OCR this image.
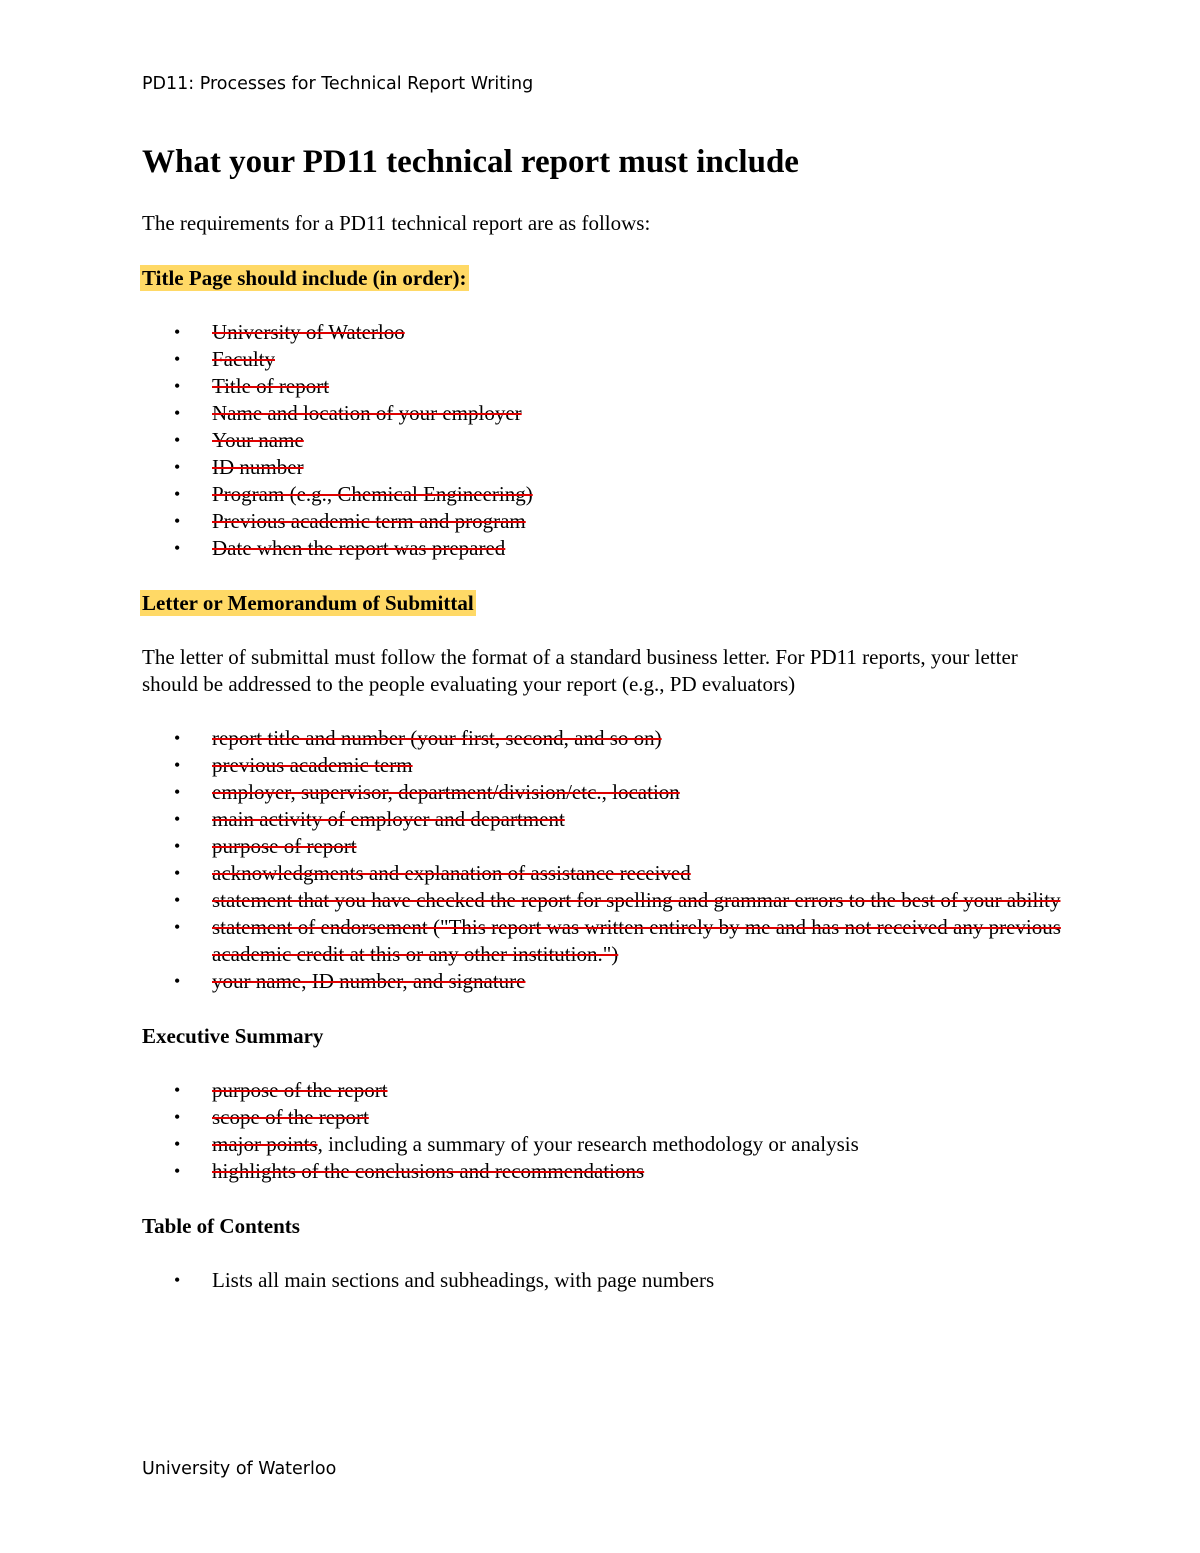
PD11: Processes for Technical Report Writing
What your PD11 technical report must include

The requirements for a PD11 technical report are as follows:

Title Page should include (in order):
• University of Waterloo
• Faculty
• Title of report
• Name and location of your employer
• Your name
• ID number
• Program (e.g., Chemical Engineering)
• Previous academic term and program
• Date when the report was prepared
Letter or Memorandum of Submittal

The letter of submittal must follow the format of a standard business letter. For PD11 reports, your letter should be addressed to the people evaluating your report (e.g., PD evaluators)

• report title and number (your first, second, and so on)
• previous academic term
• employer, supervisor, department/division/etc., location
• main activity of employer and department
• purpose of report
• acknowledgments and explanation of assistance received
• statement that you have checked the report for spelling and grammar errors to the best of your ability
• statement of endorsement ("This report was written entirely by me and has not received any previous academic credit at this or any other institution.")
• your name, ID number, and signature
Executive Summary
• purpose of the report
• scope of the report
• major points, including a summary of your research methodology or analysis
• highlights of the conclusions and recommendations
Table of Contents
• Lists all main sections and subheadings, with page numbers
University of Waterloo
